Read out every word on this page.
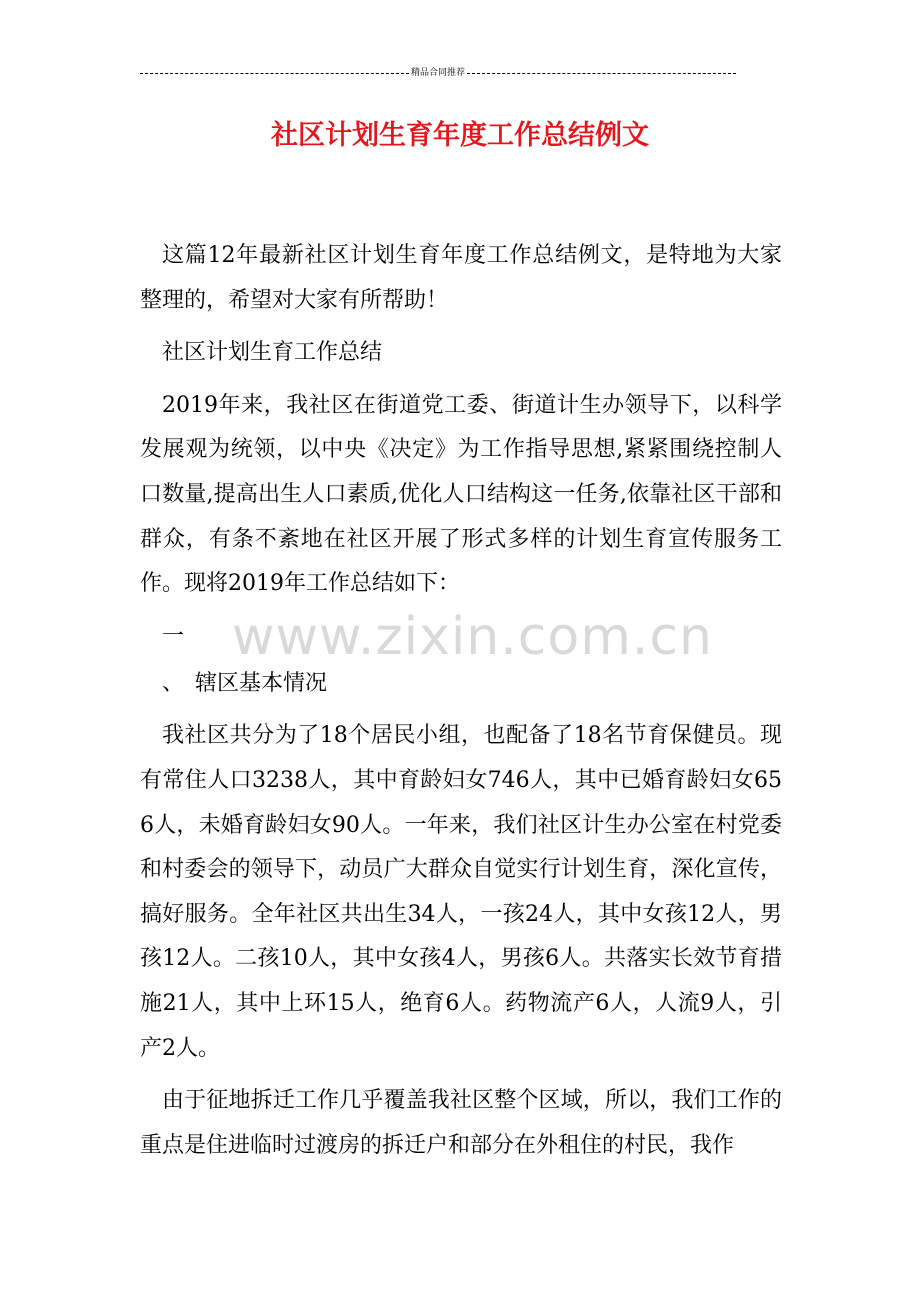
精品合同推荐
社区计划生育年度工作总结例文
www.zixin.com.cn

这篇12年最新社区计划生育年度工作总结例文，是特地为大家整理的，希望对大家有所帮助！

社区计划生育工作总结

2019年来，我社区在街道党工委、街道计生办领导下，以科学发展观为统领，以中央《决定》为工作指导思想,紧紧围绕控制人口数量,提高出生人口素质,优化人口结构这一任务,依靠社区干部和群众，有条不紊地在社区开展了形式多样的计划生育宣传服务工作。现将2019年工作总结如下：

一

、　辖区基本情况

我社区共分为了18个居民小组，也配备了18名节育保健员。现有常住人口3238人，其中育龄妇女746人，其中已婚育龄妇女656人，未婚育龄妇女90人。一年来，我们社区计生办公室在村党委和村委会的领导下，动员广大群众自觉实行计划生育，深化宣传，搞好服务。全年社区共出生34人，一孩24人，其中女孩12人，男孩12人。二孩10人，其中女孩4人，男孩6人。共落实长效节育措施21人，其中上环15人，绝育6人。药物流产6人，人流9人，引产2人。

由于征地拆迁工作几乎覆盖我社区整个区域，所以，我们工作的重点是住进临时过渡房的拆迁户和部分在外租住的村民，我作
